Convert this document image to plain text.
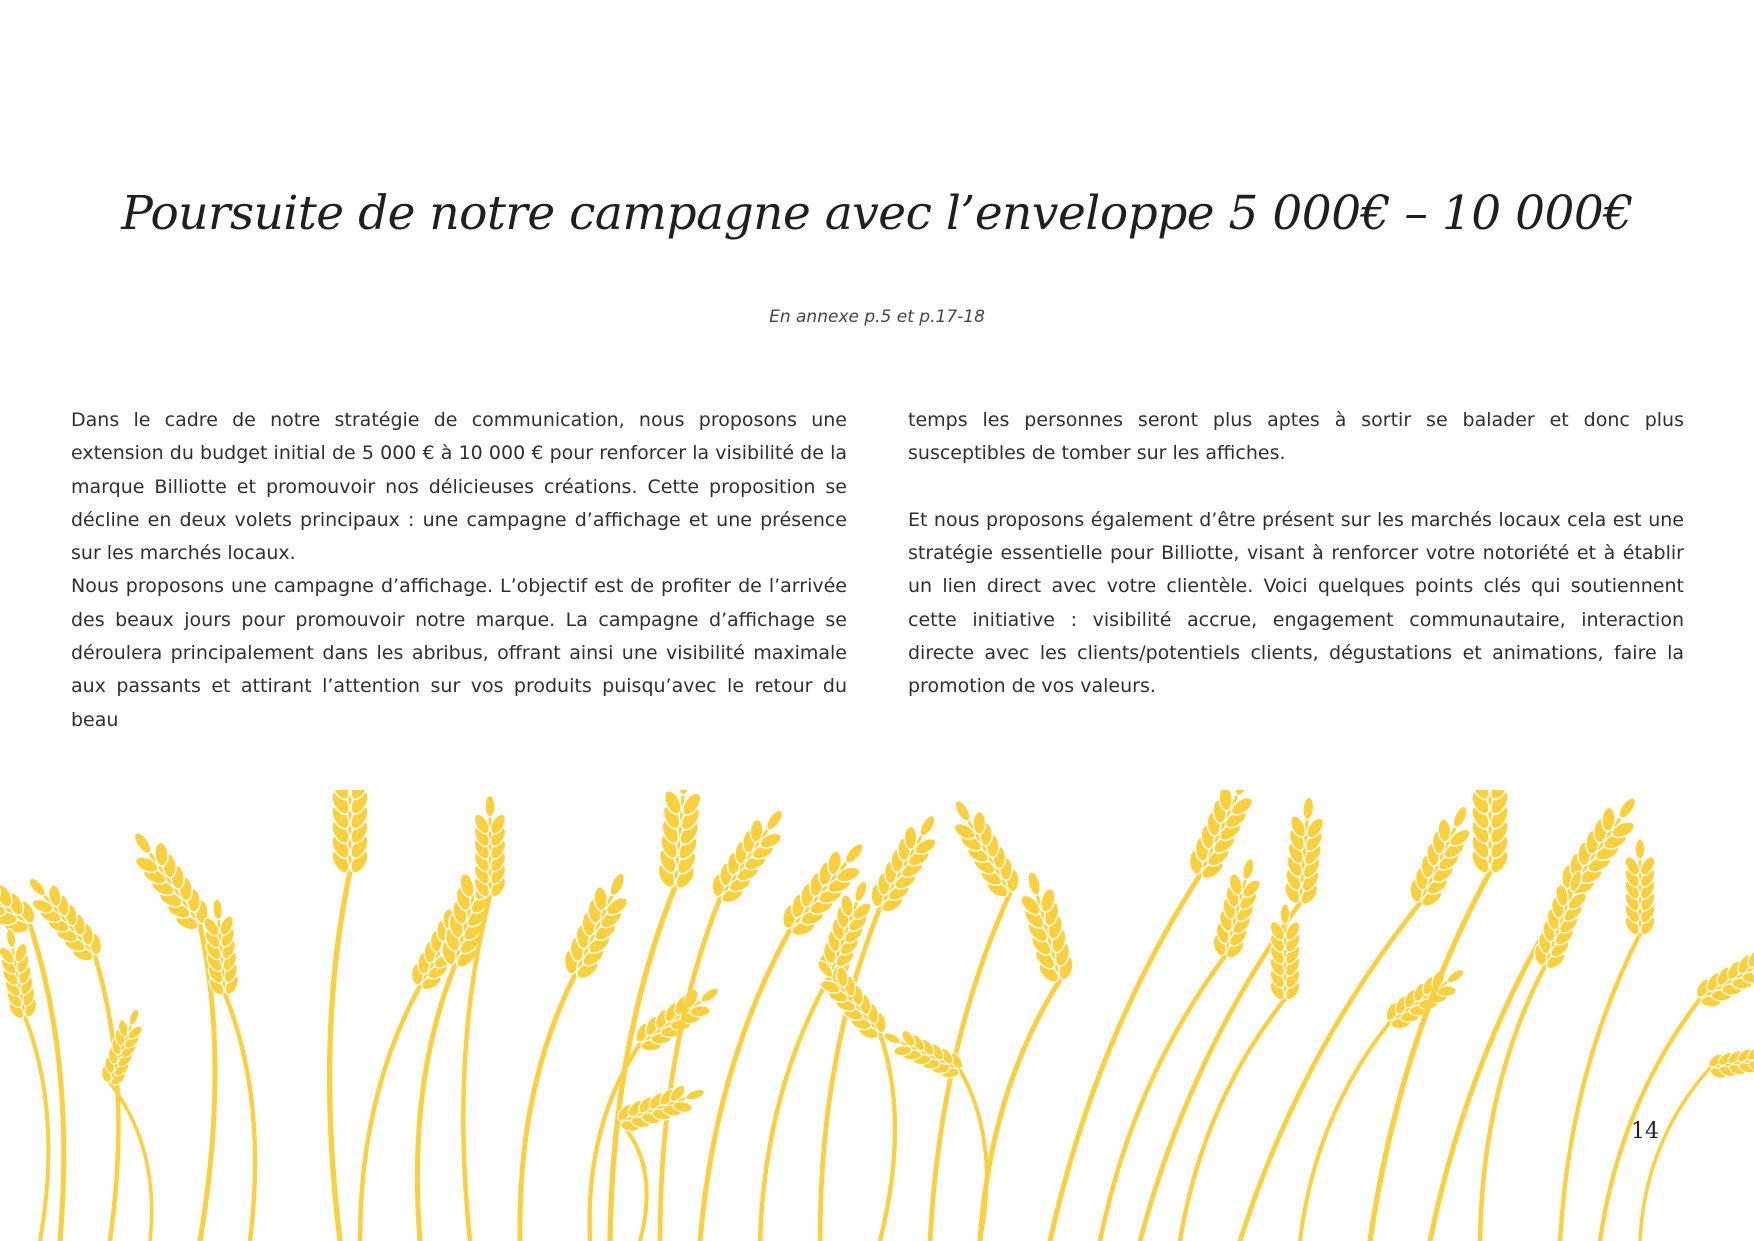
Poursuite de notre campagne avec l’enveloppe 5 000€ – 10 000€
En annexe p.5 et p.17-18

Dans le cadre de notre stratégie de communication, nous proposons une extension du budget initial de 5 000 € à 10 000 € pour renforcer la visibilité de la marque Billiotte et promouvoir nos délicieuses créations. Cette proposition se décline en deux volets principaux : une campagne d’affichage et une présence sur les marchés locaux.

Nous proposons une campagne d’affichage. L’objectif est de profiter de l’arrivée des beaux jours pour promouvoir notre marque. La campagne d’affichage se déroulera principalement dans les abribus, offrant ainsi une visibilité maximale aux passants et attirant l’attention sur vos produits puisqu’avec le retour du beau

temps les personnes seront plus aptes à sortir se balader et donc plus susceptibles de tomber sur les affiches.

Et nous proposons également d’être présent sur les marchés locaux cela est une stratégie essentielle pour Billiotte, visant à renforcer votre notoriété et à établir un lien direct avec votre clientèle. Voici quelques points clés qui soutiennent cette initiative : visibilité accrue, engagement communautaire, interaction directe avec les clients/potentiels clients, dégustations et animations, faire la promotion de vos valeurs.

14
